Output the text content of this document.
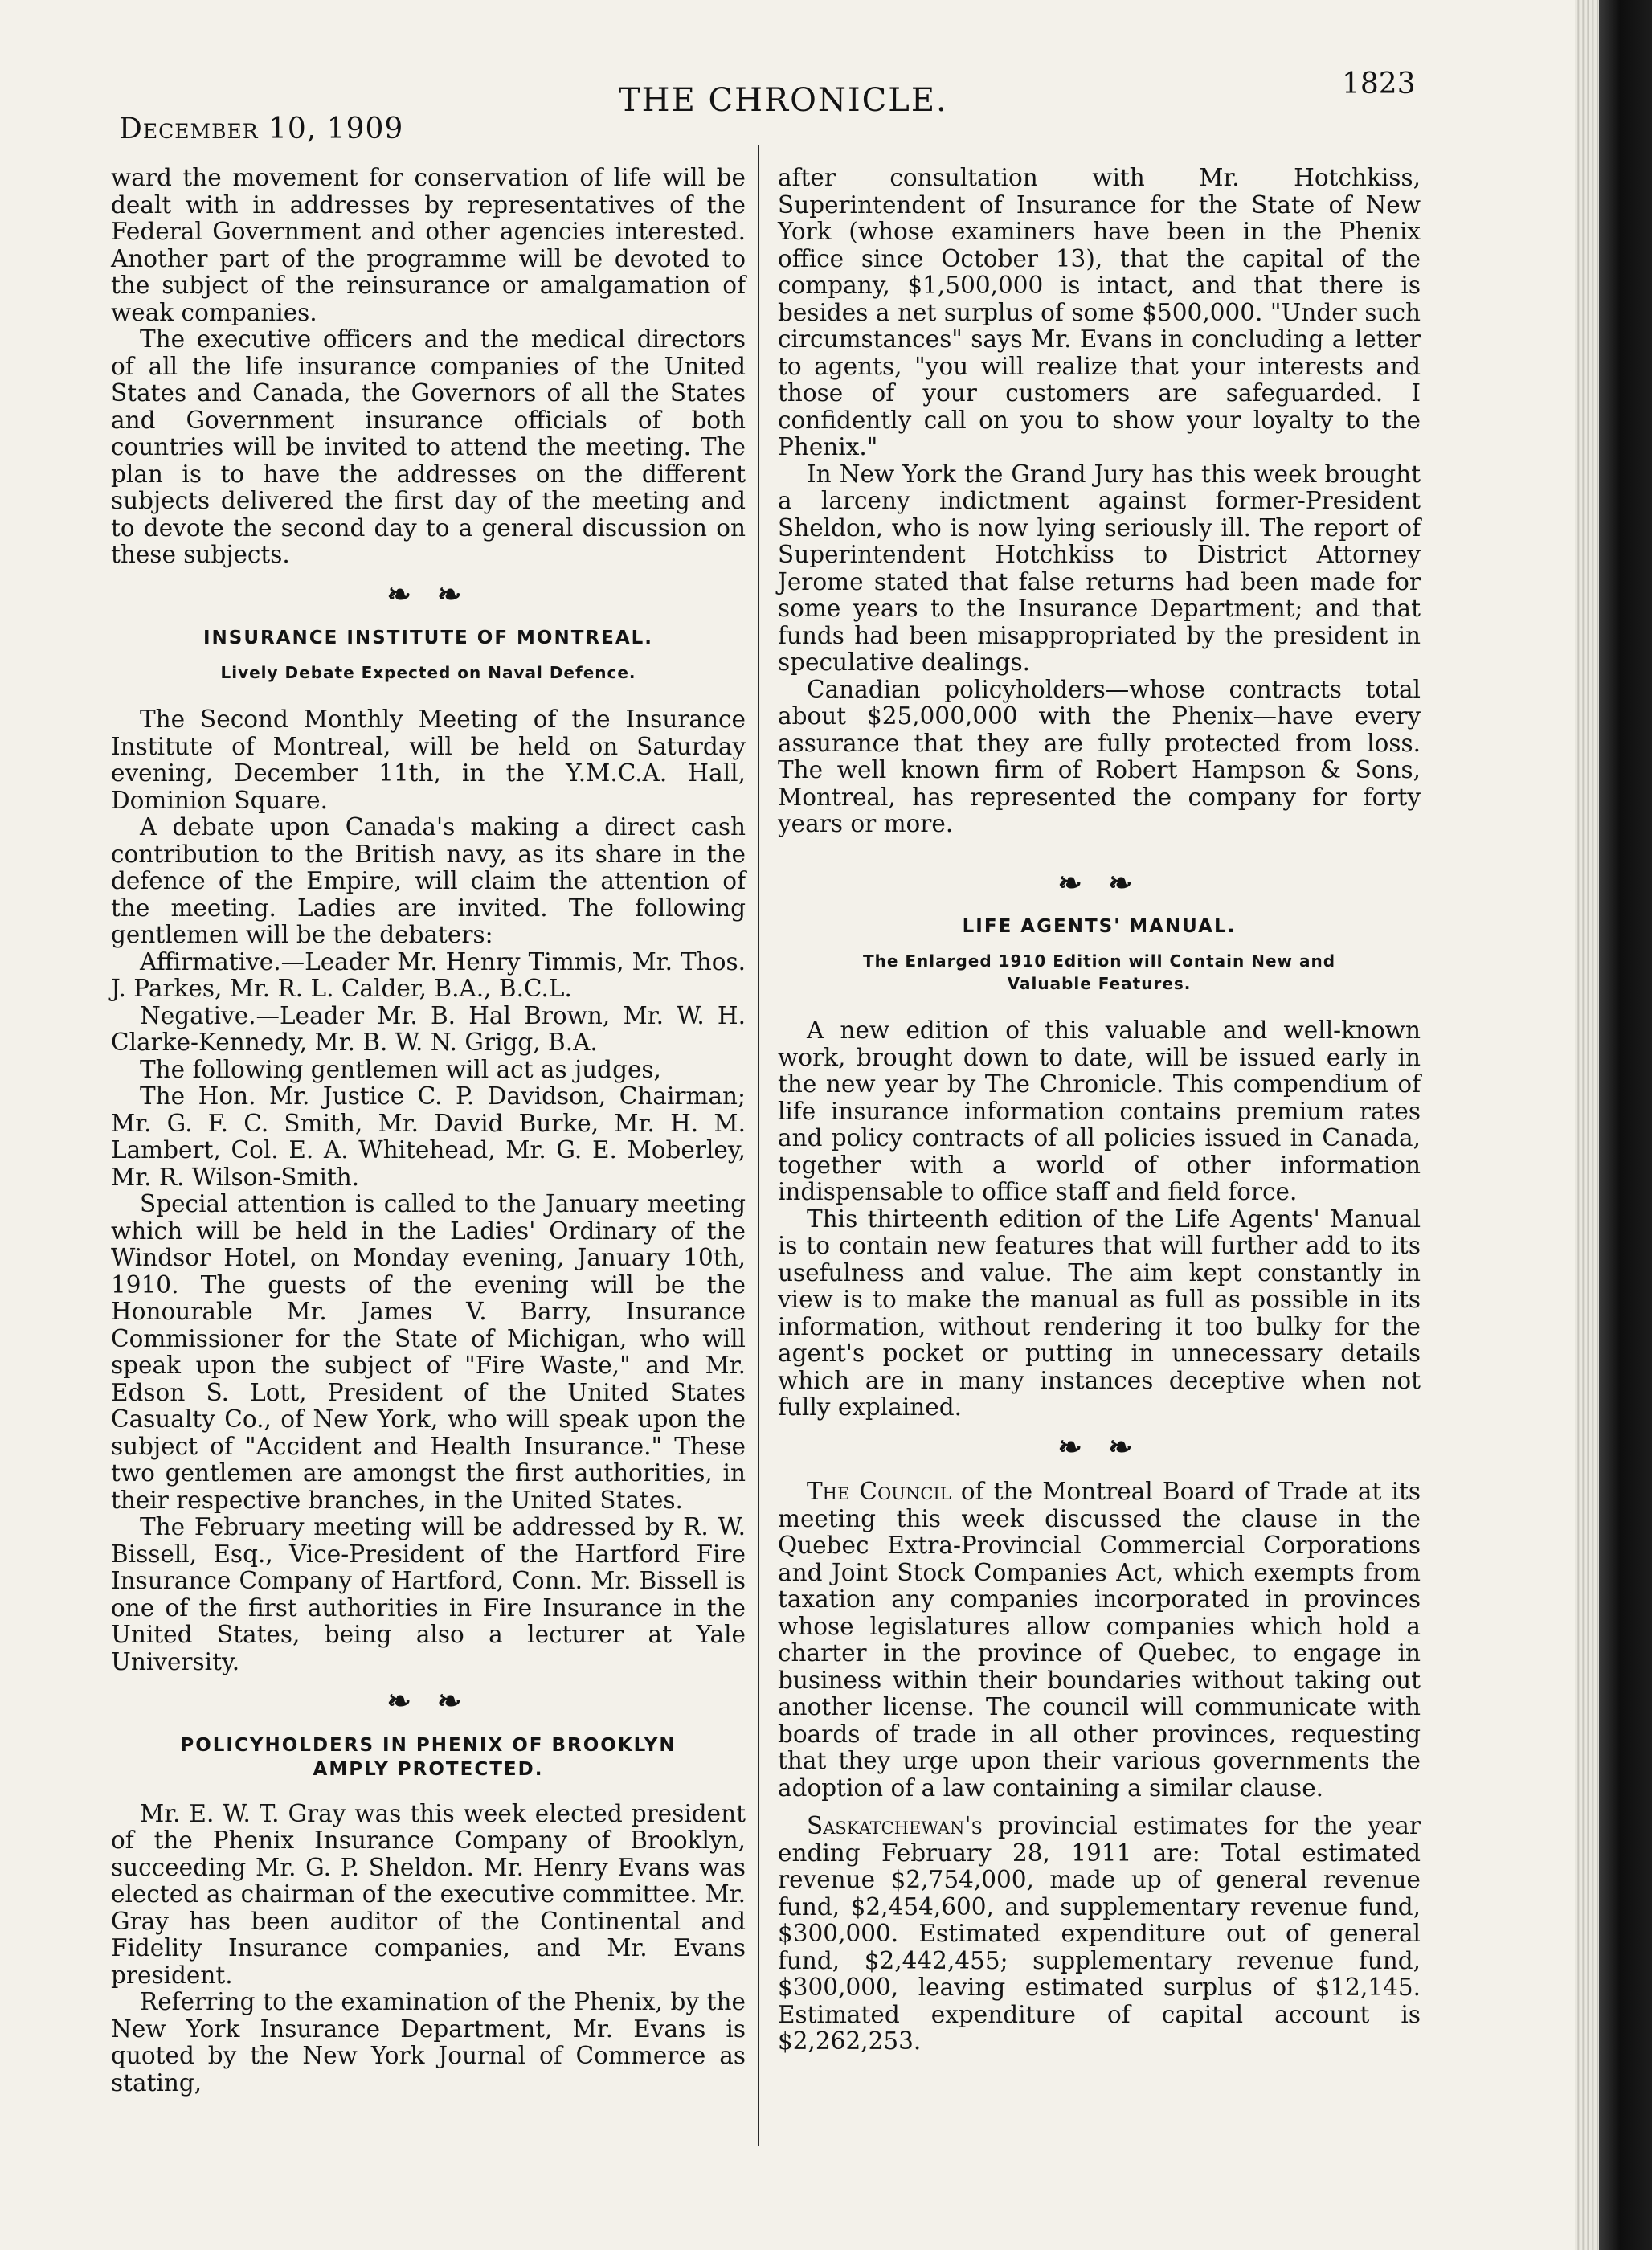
December 10, 1909
THE CHRONICLE.	1823

ward the movement for conservation of life will be dealt with in addresses by representatives of the Federal Government and other agencies interested. Another part of the programme will be devoted to the subject of the reinsurance or amalgamation of weak companies.

The executive officers and the medical directors of all the life insurance companies of the United States and Canada, the Governors of all the States and Government insurance officials of both countries will be invited to attend the meeting. The plan is to have the addresses on the different subjects delivered the first day of the meeting and to devote the second day to a general discussion on these subjects.

❧ ❧
INSURANCE INSTITUTE OF MONTREAL.
Lively Debate Expected on Naval Defence.

The Second Monthly Meeting of the Insurance Institute of Montreal, will be held on Saturday evening, December 11th, in the Y.M.C.A. Hall, Dominion Square.

A debate upon Canada's making a direct cash contribution to the British navy, as its share in the defence of the Empire, will claim the attention of the meeting. Ladies are invited. The following gentlemen will be the debaters:

Affirmative.—Leader Mr. Henry Timmis, Mr. Thos. J. Parkes, Mr. R. L. Calder, B.A., B.C.L.

Negative.—Leader Mr. B. Hal Brown, Mr. W. H. Clarke-Kennedy, Mr. B. W. N. Grigg, B.A.

The following gentlemen will act as judges,

The Hon. Mr. Justice C. P. Davidson, Chairman; Mr. G. F. C. Smith, Mr. David Burke, Mr. H. M. Lambert, Col. E. A. Whitehead, Mr. G. E. Moberley, Mr. R. Wilson-Smith.

Special attention is called to the January meeting which will be held in the Ladies' Ordinary of the Windsor Hotel, on Monday evening, January 10th, 1910. The guests of the evening will be the Honourable Mr. James V. Barry, Insurance Commissioner for the State of Michigan, who will speak upon the subject of "Fire Waste," and Mr. Edson S. Lott, President of the United States Casualty Co., of New York, who will speak upon the subject of "Accident and Health Insurance." These two gentlemen are amongst the first authorities, in their respective branches, in the United States.

The February meeting will be addressed by R. W. Bissell, Esq., Vice-President of the Hartford Fire Insurance Company of Hartford, Conn. Mr. Bissell is one of the first authorities in Fire Insurance in the United States, being also a lecturer at Yale University.

❧ ❧
POLICYHOLDERS IN PHENIX OF BROOKLYN
AMPLY PROTECTED.

Mr. E. W. T. Gray was this week elected president of the Phenix Insurance Company of Brooklyn, succeeding Mr. G. P. Sheldon. Mr. Henry Evans was elected as chairman of the executive committee. Mr. Gray has been auditor of the Continental and Fidelity Insurance companies, and Mr. Evans president.

Referring to the examination of the Phenix, by the New York Insurance Department, Mr. Evans is quoted by the New York Journal of Commerce as stating,

after consultation with Mr. Hotchkiss, Superintendent of Insurance for the State of New York (whose examiners have been in the Phenix office since October 13), that the capital of the company, $1,500,000 is intact, and that there is besides a net surplus of some $500,000. "Under such circumstances" says Mr. Evans in concluding a letter to agents, "you will realize that your interests and those of your customers are safeguarded. I confidently call on you to show your loyalty to the Phenix."

In New York the Grand Jury has this week brought a larceny indictment against former-President Sheldon, who is now lying seriously ill. The report of Superintendent Hotchkiss to District Attorney Jerome stated that false returns had been made for some years to the Insurance Department; and that funds had been misappropriated by the president in speculative dealings.

Canadian policyholders—whose contracts total about $25,000,000 with the Phenix—have every assurance that they are fully protected from loss. The well known firm of Robert Hampson & Sons, Montreal, has represented the company for forty years or more.

❧ ❧
LIFE AGENTS' MANUAL.
The Enlarged 1910 Edition will Contain New and
Valuable Features.

A new edition of this valuable and well-known work, brought down to date, will be issued early in the new year by The Chronicle. This compendium of life insurance information contains premium rates and policy contracts of all policies issued in Canada, together with a world of other information indispensable to office staff and field force.

This thirteenth edition of the Life Agents' Manual is to contain new features that will further add to its usefulness and value. The aim kept constantly in view is to make the manual as full as possible in its information, without rendering it too bulky for the agent's pocket or putting in unnecessary details which are in many instances deceptive when not fully explained.

❧ ❧

The Council of the Montreal Board of Trade at its meeting this week discussed the clause in the Quebec Extra-Provincial Commercial Corporations and Joint Stock Companies Act, which exempts from taxation any companies incorporated in provinces whose legislatures allow companies which hold a charter in the province of Quebec, to engage in business within their boundaries without taking out another license. The council will communicate with boards of trade in all other provinces, requesting that they urge upon their various governments the adoption of a law containing a similar clause.

Saskatchewan's provincial estimates for the year ending February 28, 1911 are: Total estimated revenue $2,754,000, made up of general revenue fund, $2,454,600, and supplementary revenue fund, $300,000. Estimated expenditure out of general fund, $2,442,455; supplementary revenue fund, $300,000, leaving estimated surplus of $12,145. Estimated expenditure of capital account is $2,262,253.
